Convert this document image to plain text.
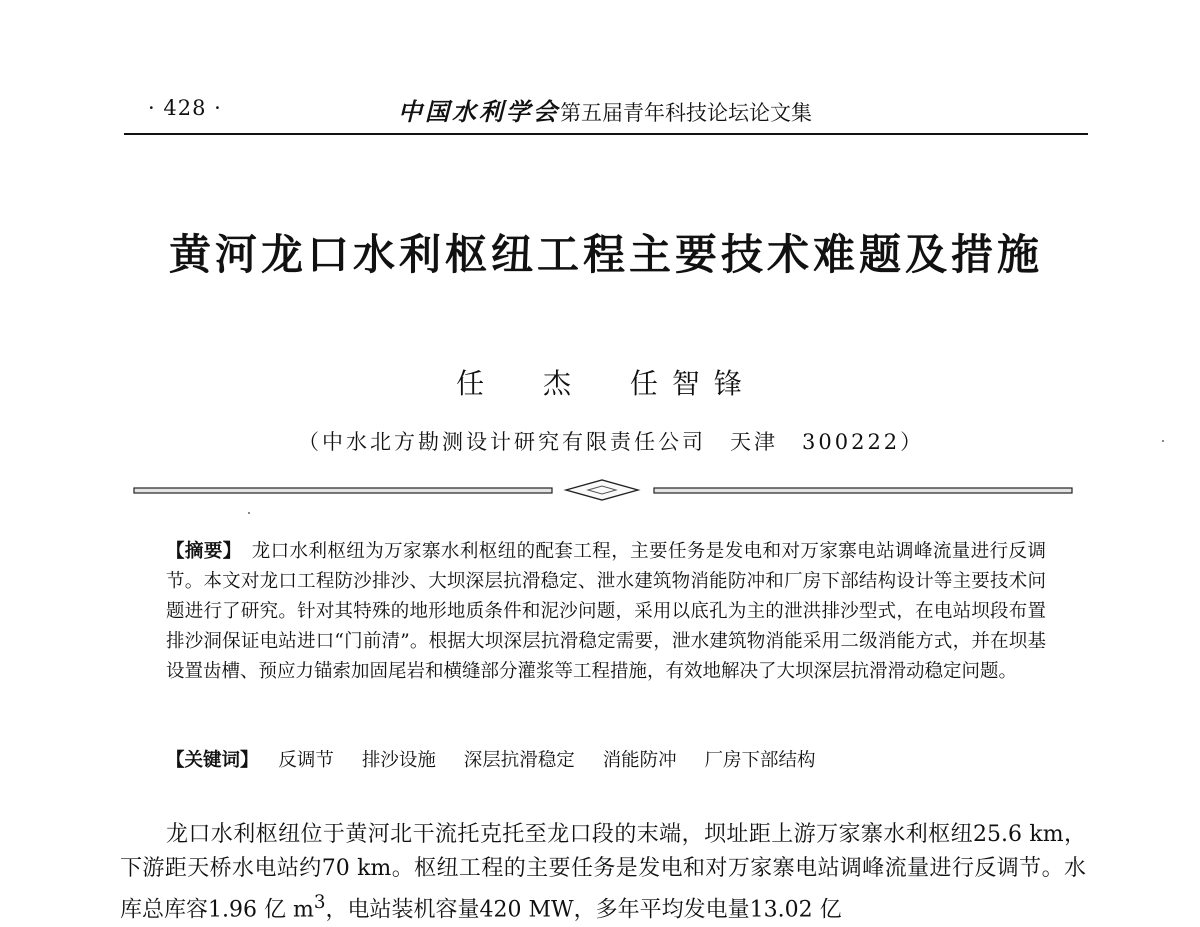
· 428 ·	中国水利学会第五届青年科技论坛论文集
黄河龙口水利枢纽工程主要技术难题及措施
任 杰 任智锋
（中水北方勘测设计研究有限责任公司　天津　300222）
【摘要】 龙口水利枢纽为万家寨水利枢纽的配套工程，主要任务是发电和对万家寨电站调峰流量进行反调节。本文对龙口工程防沙排沙、大坝深层抗滑稳定、泄水建筑物消能防冲和厂房下部结构设计等主要技术问题进行了研究。针对其特殊的地形地质条件和泥沙问题，采用以底孔为主的泄洪排沙型式，在电站坝段布置排沙洞保证电站进口“门前清”。根据大坝深层抗滑稳定需要，泄水建筑物消能采用二级消能方式，并在坝基设置齿槽、预应力锚索加固尾岩和横缝部分灌浆等工程措施，有效地解决了大坝深层抗滑滑动稳定问题。
【关键词】 反调节 排沙设施 深层抗滑稳定 消能防冲 厂房下部结构
龙口水利枢纽位于黄河北干流托克托至龙口段的末端，坝址距上游万家寨水利枢纽25.6 km，下游距天桥水电站约70 km。枢纽工程的主要任务是发电和对万家寨电站调峰流量进行反调节。水库总库容1.96 亿 $m^3$，电站装机容量420 MW，多年平均发电量13.02 亿
